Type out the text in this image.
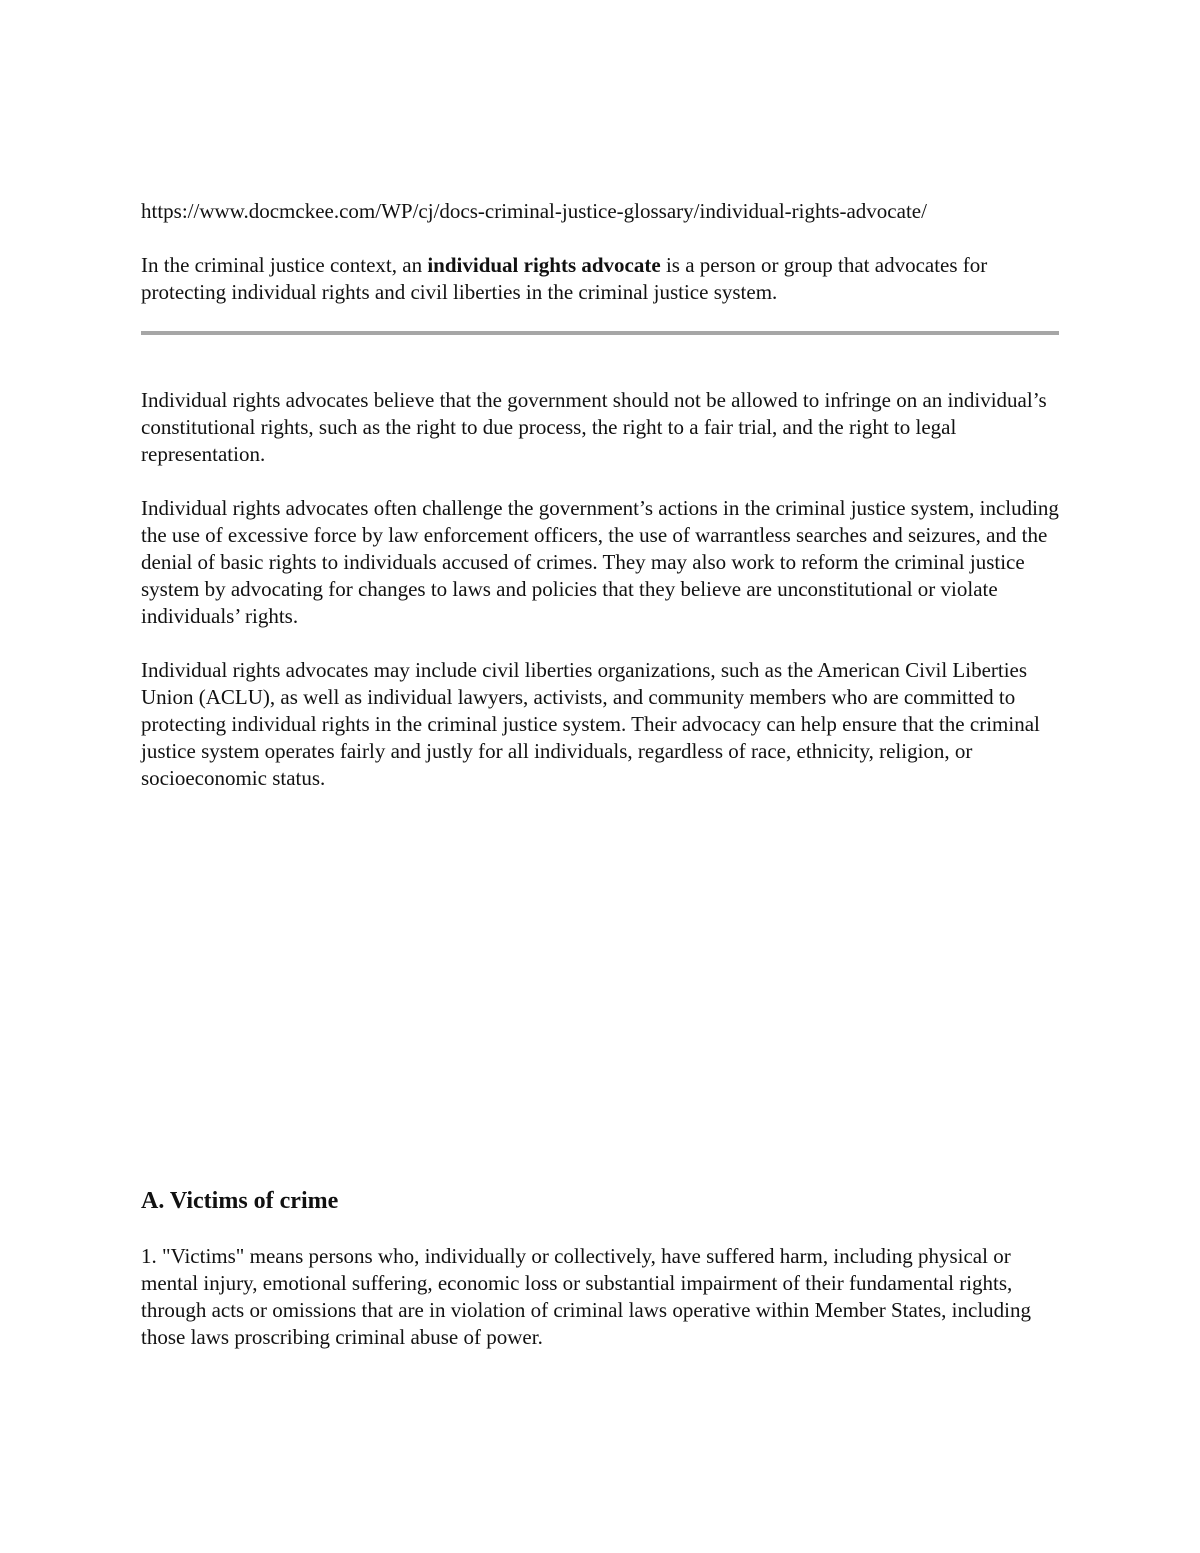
https://www.docmckee.com/WP/cj/docs-criminal-justice-glossary/individual-rights-advocate/

In the criminal justice context, an individual rights advocate is a person or group that advocates for protecting individual rights and civil liberties in the criminal justice system.

Individual rights advocates believe that the government should not be allowed to infringe on an individual’s constitutional rights, such as the right to due process, the right to a fair trial, and the right to legal representation.

Individual rights advocates often challenge the government’s actions in the criminal justice system, including the use of excessive force by law enforcement officers, the use of warrantless searches and seizures, and the denial of basic rights to individuals accused of crimes. They may also work to reform the criminal justice system by advocating for changes to laws and policies that they believe are unconstitutional or violate individuals’ rights.

Individual rights advocates may include civil liberties organizations, such as the American Civil Liberties Union (ACLU), as well as individual lawyers, activists, and community members who are committed to protecting individual rights in the criminal justice system. Their advocacy can help ensure that the criminal justice system operates fairly and justly for all individuals, regardless of race, ethnicity, religion, or socioeconomic status.

A. Victims of crime

1. "Victims" means persons who, individually or collectively, have suffered harm, including physical or mental injury, emotional suffering, economic loss or substantial impairment of their fundamental rights, through acts or omissions that are in violation of criminal laws operative within Member States, including those laws proscribing criminal abuse of power.
